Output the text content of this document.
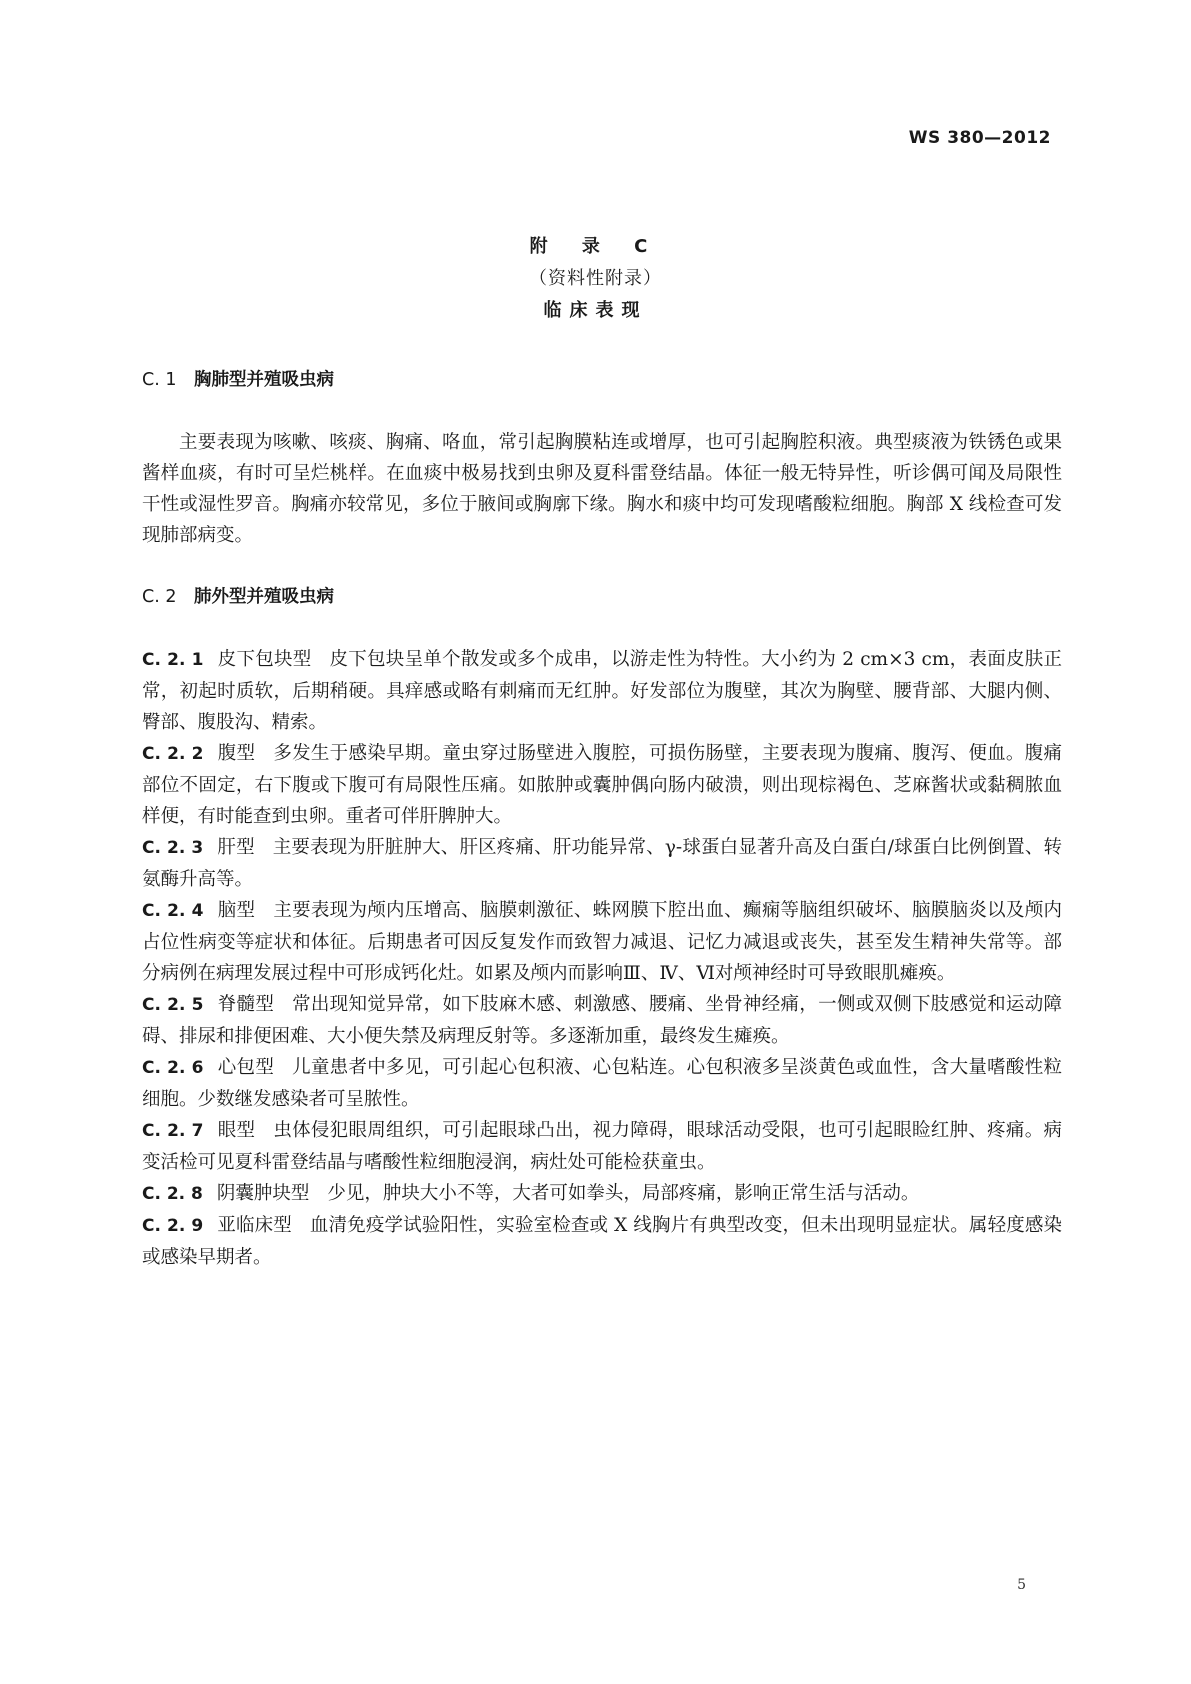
WS 380—2012
附 录 C
（资料性附录）
临床表现
C. 1 胸肺型并殖吸虫病

主要表现为咳嗽、咳痰、胸痛、咯血，常引起胸膜粘连或增厚，也可引起胸腔积液。典型痰液为铁锈色或果酱样血痰，有时可呈烂桃样。在血痰中极易找到虫卵及夏科雷登结晶。体征一般无特异性，听诊偶可闻及局限性干性或湿性罗音。胸痛亦较常见，多位于腋间或胸廓下缘。胸水和痰中均可发现嗜酸粒细胞。胸部 X 线检查可发现肺部病变。

C. 2 肺外型并殖吸虫病

C. 2. 1 皮下包块型 皮下包块呈单个散发或多个成串，以游走性为特性。大小约为 2 cm×3 cm，表面皮肤正常，初起时质软，后期稍硬。具痒感或略有刺痛而无红肿。好发部位为腹壁，其次为胸壁、腰背部、大腿内侧、臀部、腹股沟、精索。

C. 2. 2 腹型 多发生于感染早期。童虫穿过肠壁进入腹腔，可损伤肠壁，主要表现为腹痛、腹泻、便血。腹痛部位不固定，右下腹或下腹可有局限性压痛。如脓肿或囊肿偶向肠内破溃，则出现棕褐色、芝麻酱状或黏稠脓血样便，有时能查到虫卵。重者可伴肝脾肿大。

C. 2. 3 肝型 主要表现为肝脏肿大、肝区疼痛、肝功能异常、γ-球蛋白显著升高及白蛋白/球蛋白比例倒置、转氨酶升高等。

C. 2. 4 脑型 主要表现为颅内压增高、脑膜刺激征、蛛网膜下腔出血、癫痫等脑组织破坏、脑膜脑炎以及颅内占位性病变等症状和体征。后期患者可因反复发作而致智力减退、记忆力减退或丧失，甚至发生精神失常等。部分病例在病理发展过程中可形成钙化灶。如累及颅内而影响Ⅲ、Ⅳ、Ⅵ对颅神经时可导致眼肌瘫痪。

C. 2. 5 脊髓型 常出现知觉异常，如下肢麻木感、刺激感、腰痛、坐骨神经痛，一侧或双侧下肢感觉和运动障碍、排尿和排便困难、大小便失禁及病理反射等。多逐渐加重，最终发生瘫痪。

C. 2. 6 心包型 儿童患者中多见，可引起心包积液、心包粘连。心包积液多呈淡黄色或血性，含大量嗜酸性粒细胞。少数继发感染者可呈脓性。

C. 2. 7 眼型 虫体侵犯眼周组织，可引起眼球凸出，视力障碍，眼球活动受限，也可引起眼睑红肿、疼痛。病变活检可见夏科雷登结晶与嗜酸性粒细胞浸润，病灶处可能检获童虫。

C. 2. 8 阴囊肿块型 少见，肿块大小不等，大者可如拳头，局部疼痛，影响正常生活与活动。

C. 2. 9 亚临床型 血清免疫学试验阳性，实验室检查或 X 线胸片有典型改变，但未出现明显症状。属轻度感染或感染早期者。

5
